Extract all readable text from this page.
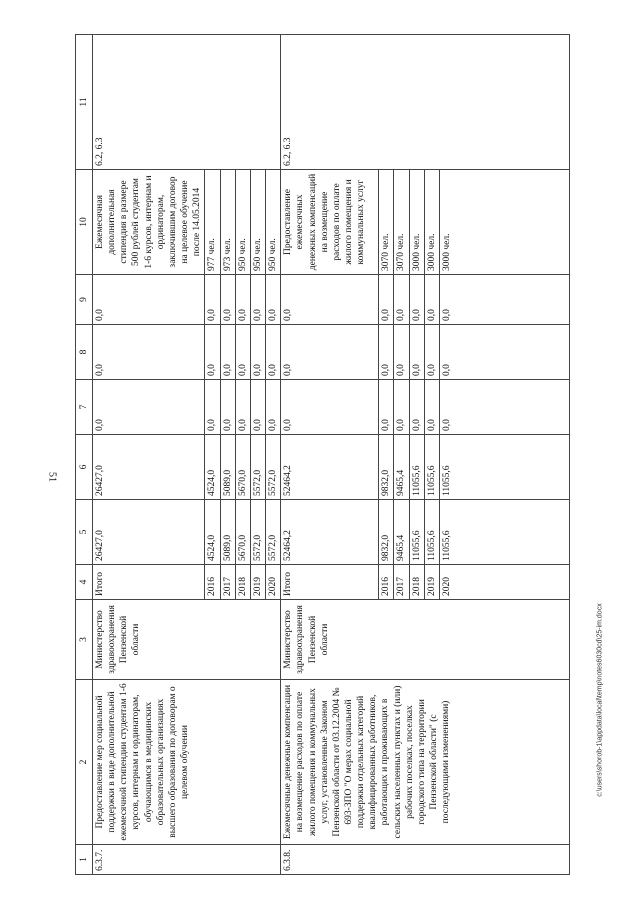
51
c:\users\shorob-1\appdata\local\temp\notes6030cd\25-im.docx
1	2	3	4	5	6	7	8	9	10	11
6.3.7.	Предоставление мер социальной поддержки в виде дополнительной ежемесячной стипендии студентам 1-6 курсов, интернам и ординаторам, обучающимся в медицинских образовательных организациях высшего образования по договорам о целевом обучении	Министерство здравоохранения Пензенской области	Итого	26427,0	26427,0	0,0	0,0	0,0	Ежемесячная дополнительная стипендия в размере 500 рублей студентам 1-6 курсов, интернам и ординаторам, заключившим договор на целевое обучение после 14.05.2014	6.2, 6.3
			2016	4524,0	4524,0	0,0	0,0	0,0	977 чел.	
			2017	5089,0	5089,0	0,0	0,0	0,0	973 чел.	
			2018	5670,0	5670,0	0,0	0,0	0,0	950 чел.	
			2019	5572,0	5572,0	0,0	0,0	0,0	950 чел.	
			2020	5572,0	5572,0	0,0	0,0	0,0	950 чел.	
6.3.8.	Ежемесячные денежные компенсации на возмещение расходов по оплате жилого помещения и коммунальных услуг, установленные Законом Пензенской области от 03.12.2004 № 693-ЗПО "О мерах социальной поддержки отдельных категорий квалифицированных работников, работающих и проживающих в сельских населенных пунктах и (или) рабочих поселках, поселках городского типа на территории Пензенской области" (с последующими изменениями)	Министерство здравоохранения Пензенской области	Итого	52464,2	52464,2	0,0	0,0	0,0	Предоставление ежемесячных денежных компенсаций на возмещение расходов по оплате жилого помещения и коммунальных услуг	6.2, 6.3
			2016	9832,0	9832,0	0,0	0,0	0,0	3070 чел.	
			2017	9465,4	9465,4	0,0	0,0	0,0	3070 чел.	
			2018	11055,6	11055,6	0,0	0,0	0,0	3000 чел.	
			2019	11055,6	11055,6	0,0	0,0	0,0	3000 чел.	
			2020	11055,6	11055,6	0,0	0,0	0,0	3000 чел.	
